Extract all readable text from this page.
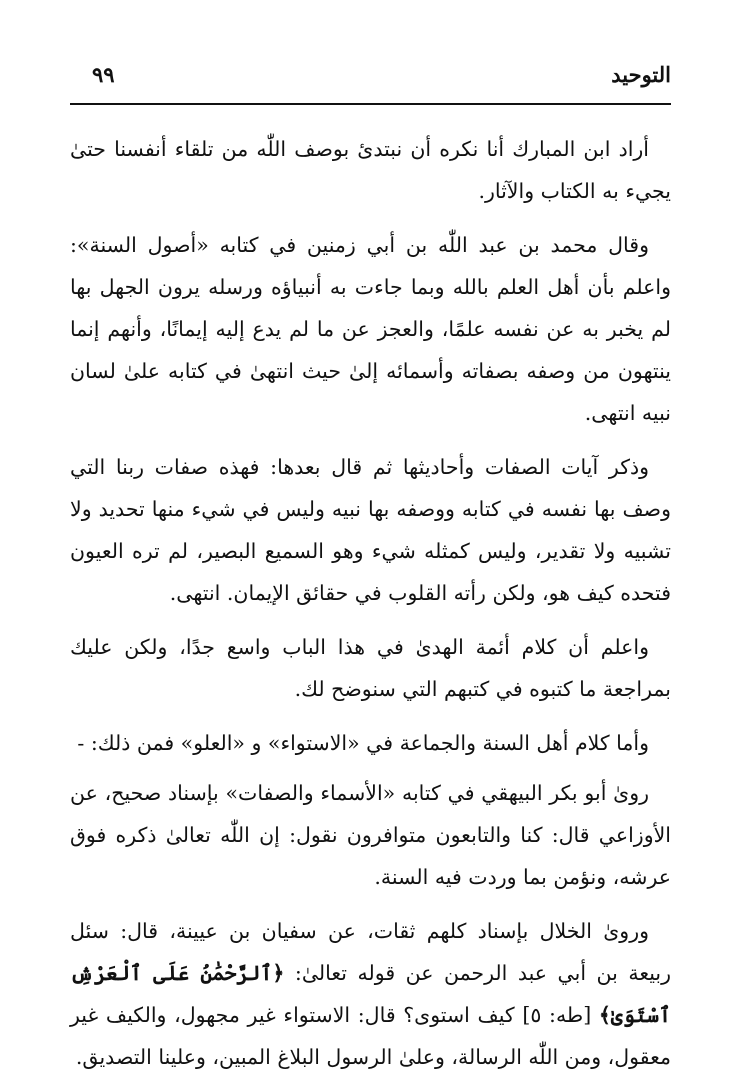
التوحيد
٩٩

أراد ابن المبارك أنا نكره أن نبتدئ بوصف اللّٰه من تلقاء أنفسنا حتىٰ يجيء به الكتاب والآثار.

وقال محمد بن عبد اللّٰه بن أبي زمنين في كتابه «أصول السنة»: واعلم بأن أهل العلم بالله وبما جاءت به أنبياؤه ورسله يرون الجهل بها لم يخبر به عن نفسه علمًا، والعجز عن ما لم يدع إليه إيمانًا، وأنهم إنما ينتهون من وصفه بصفاته وأسمائه إلىٰ حيث انتهىٰ في كتابه علىٰ لسان نبيه انتهى.

وذكر آيات الصفات وأحاديثها ثم قال بعدها: فهذه صفات ربنا التي وصف بها نفسه في كتابه ووصفه بها نبيه وليس في شيء منها تحديد ولا تشبيه ولا تقدير، وليس كمثله شيء وهو السميع البصير، لم تره العيون فتحده كيف هو، ولكن رأته القلوب في حقائق الإيمان. انتهى.

واعلم أن كلام أئمة الهدىٰ في هذا الباب واسع جدًا، ولكن عليك بمراجعة ما كتبوه في كتبهم التي سنوضح لك.

وأما كلام أهل السنة والجماعة في «الاستواء» و «العلو» فمن ذلك: -

روىٰ أبو بكر البيهقي في كتابه «الأسماء والصفات» بإسناد صحيح، عن الأوزاعي قال: كنا والتابعون متوافرون نقول: إن اللّٰه تعالىٰ ذكره فوق عرشه، ونؤمن بما وردت فيه السنة.

وروىٰ الخلال بإسناد كلهم ثقات، عن سفيان بن عيينة، قال: سئل ربيعة بن أبي عبد الرحمن عن قوله تعالىٰ: ﴿ٱلرَّحْمَٰنُ عَلَى ٱلْعَرْشِ ٱسْتَوَىٰ﴾ [طه: ٥] كيف استوى؟ قال: الاستواء غير مجهول، والكيف غير معقول، ومن اللّٰه الرسالة، وعلىٰ الرسول البلاغ المبين، وعلينا التصديق.
